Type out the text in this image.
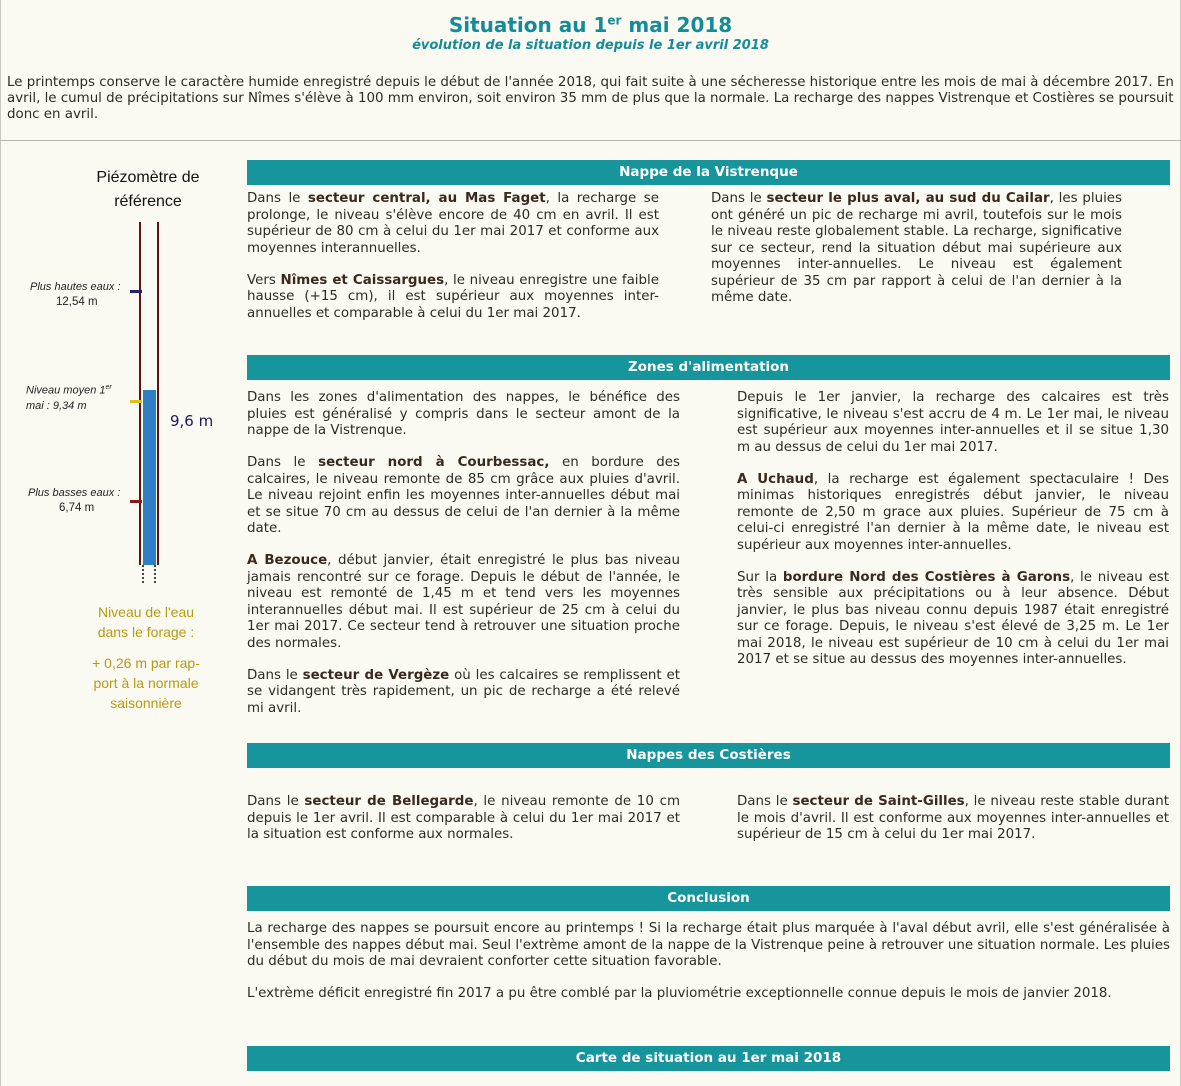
Situation au 1er mai 2018
évolution de la situation depuis le 1er avril 2018
Le printemps conserve le caractère humide enregistré depuis le début de l'année 2018, qui fait suite à une sécheresse historique entre les mois de mai à décembre 2017. En avril, le cumul de précipitations sur Nîmes s'élève à 100 mm environ, soit environ 35 mm de plus que la normale. La recharge des nappes Vistrenque et Costières se poursuit donc en avril.
Piézomètre de
référence
Plus hautes eaux :
12,54 m
Niveau moyen 1er
mai : 9,34 m
9,6 m
Plus basses eaux :
6,74 m
Niveau de l'eau
dans le forage :
+ 0,26 m par rap-
port à la normale
saisonnière
Nappe de la Vistrenque

Dans le secteur central, au Mas Faget, la recharge se prolonge, le niveau s'élève encore de 40 cm en avril. Il est supérieur de 80 cm à celui du 1er mai 2017 et conforme aux moyennes interannuelles.

Vers Nîmes et Caissargues, le niveau enregistre une faible hausse (+15 cm), il est supérieur aux moyennes inter-annuelles et comparable à celui du 1er mai 2017.

Dans le secteur le plus aval, au sud du Cailar, les pluies ont généré un pic de recharge mi avril, toutefois sur le mois le niveau reste globalement stable. La recharge, significative sur ce secteur, rend la situation début mai supérieure aux moyennes inter-annuelles. Le niveau est également supérieur de 35 cm par rapport à celui de l'an dernier à la même date.

Zones d'alimentation

Dans les zones d'alimentation des nappes, le bénéfice des pluies est généralisé y compris dans le secteur amont de la nappe de la Vistrenque.

Dans le secteur nord à Courbessac, en bordure des calcaires, le niveau remonte de 85 cm grâce aux pluies d'avril. Le niveau rejoint enfin les moyennes inter-annuelles début mai et se situe 70 cm au dessus de celui de l'an dernier à la même date.

A Bezouce, début janvier, était enregistré le plus bas niveau jamais rencontré sur ce forage. Depuis le début de l'année, le niveau est remonté de 1,45 m et tend vers les moyennes interannuelles début mai. Il est supérieur de 25 cm à celui du 1er mai 2017. Ce secteur tend à retrouver une situation proche des normales.

Dans le secteur de Vergèze où les calcaires se remplissent et se vidangent très rapidement, un pic de recharge a été relevé mi avril.

Depuis le 1er janvier, la recharge des calcaires est très significative, le niveau s'est accru de 4 m. Le 1er mai, le niveau est supérieur aux moyennes inter-annuelles et il se situe 1,30 m au dessus de celui du 1er mai 2017.

A Uchaud, la recharge est également spectaculaire ! Des minimas historiques enregistrés début janvier, le niveau remonte de 2,50 m grace aux pluies. Supérieur de 75 cm à celui-ci enregistré l'an dernier à la même date, le niveau est supérieur aux moyennes inter-annuelles.

Sur la bordure Nord des Costières à Garons, le niveau est très sensible aux précipitations ou à leur absence. Début janvier, le plus bas niveau connu depuis 1987 était enregistré sur ce forage. Depuis, le niveau s'est élevé de 3,25 m. Le 1er mai 2018, le niveau est supérieur de 10 cm à celui du 1er mai 2017 et se situe au dessus des moyennes inter-annuelles.

Nappes des Costières

Dans le secteur de Bellegarde, le niveau remonte de 10 cm depuis le 1er avril. Il est comparable à celui du 1er mai 2017 et la situation est conforme aux normales.

Dans le secteur de Saint-Gilles, le niveau reste stable durant le mois d'avril. Il est conforme aux moyennes inter-annuelles et supérieur de 15 cm à celui du 1er mai 2017.

Conclusion

La recharge des nappes se poursuit encore au printemps ! Si la recharge était plus marquée à l'aval début avril, elle s'est généralisée à l'ensemble des nappes début mai. Seul l'extrème amont de la nappe de la Vistrenque peine à retrouver une situation normale. Les pluies du début du mois de mai devraient conforter cette situation favorable.

L'extrème déficit enregistré fin 2017 a pu être comblé par la pluviométrie exceptionnelle connue depuis le mois de janvier 2018.

Carte de situation au 1er mai 2018
